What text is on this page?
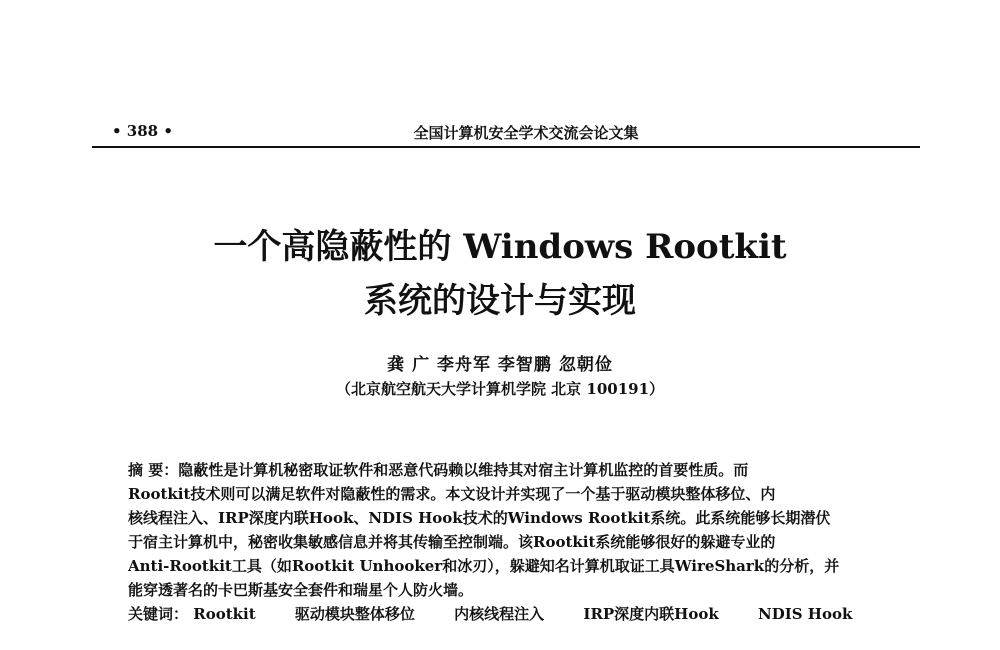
• 388 •	全国计算机安全学术交流会论文集
一个高隐蔽性的 Windows Rootkit
系统的设计与实现
龚 广 李舟军 李智鹏 忽朝俭
（北京航空航天大学计算机学院 北京 100191）
摘 要：隐蔽性是计算机秘密取证软件和恶意代码赖以维持其对宿主计算机监控的首要性质。而
Rootkit技术则可以满足软件对隐蔽性的需求。本文设计并实现了一个基于驱动模块整体移位、内
核线程注入、IRP深度内联Hook、NDIS Hook技术的Windows Rootkit系统。此系统能够长期潜伏
于宿主计算机中，秘密收集敏感信息并将其传输至控制端。该Rootkit系统能够很好的躲避专业的
Anti-Rootkit工具（如Rootkit Unhooker和冰刃），躲避知名计算机取证工具WireShark的分析，并
能穿透著名的卡巴斯基安全套件和瑞星个人防火墙。
关键词： Rootkit	驱动模块整体移位	内核线程注入	IRP深度内联Hook	NDIS Hook
